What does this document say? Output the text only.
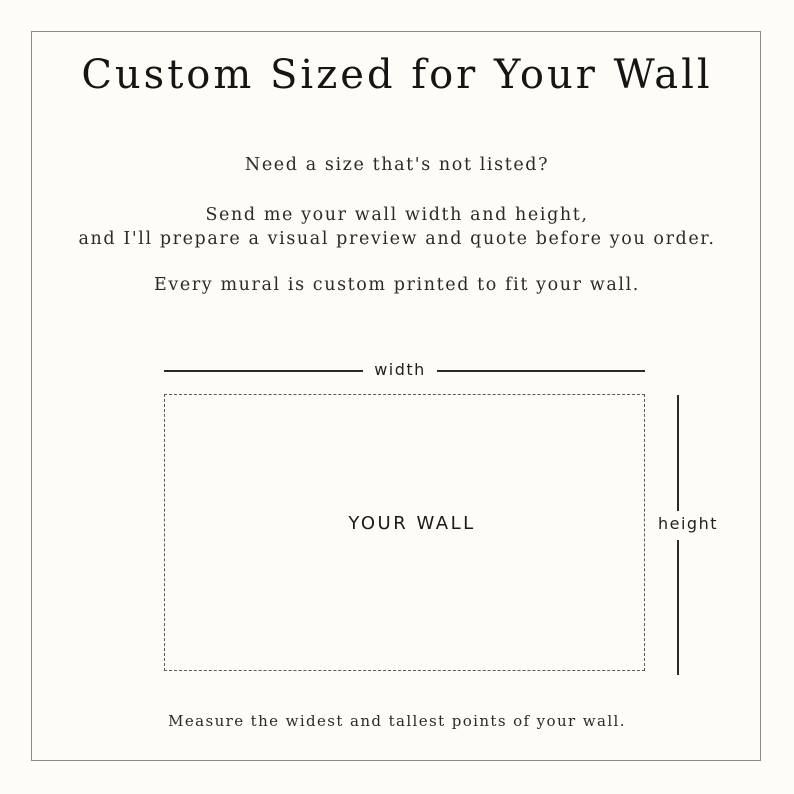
Custom Sized for Your Wall
Need a size that's not listed?
Send me your wall width and height,
and I'll prepare a visual preview and quote before you order.
Every mural is custom printed to fit your wall.
width
YOUR WALL	height
Measure the widest and tallest points of your wall.
